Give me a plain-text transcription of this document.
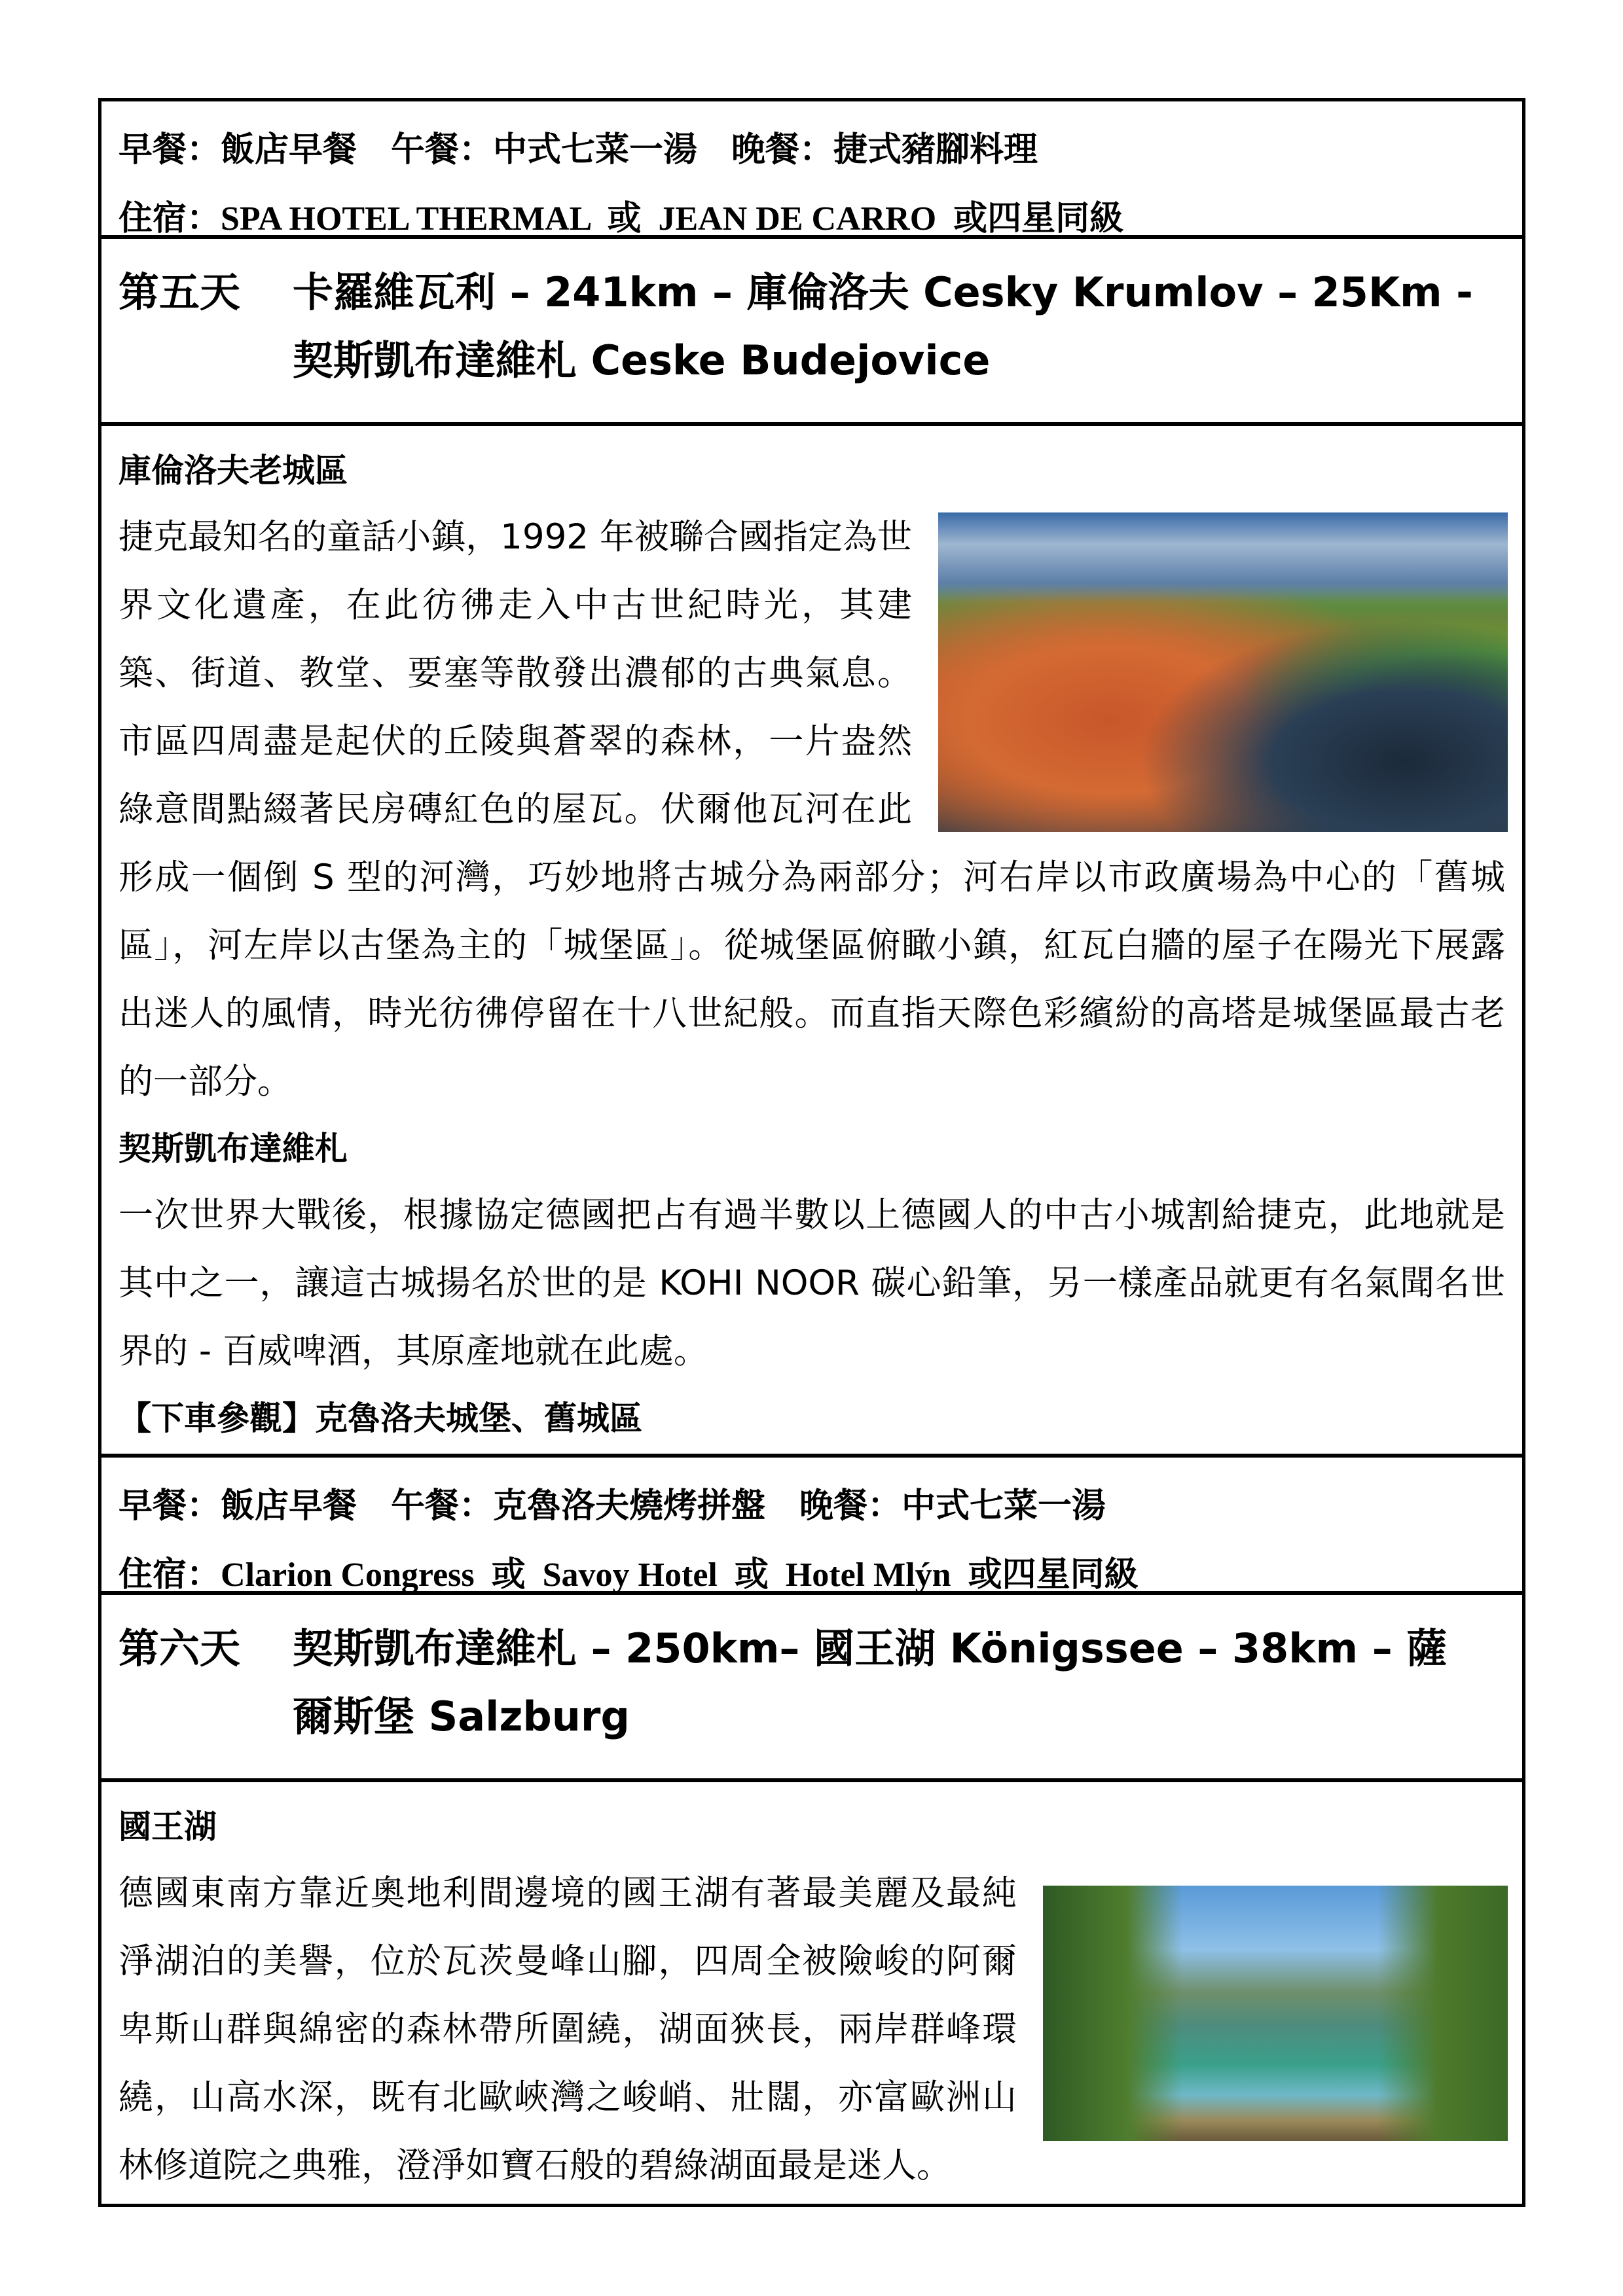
早餐：飯店早餐 午餐：中式七菜一湯 晚餐：捷式豬腳料理
住宿：SPA HOTEL THERMAL  或  JEAN DE CARRO  或四星同級
第五天	卡羅維瓦利 – 241km – 庫倫洛夫 Cesky Krumlov – 25Km -
契斯凱布達維札 Ceske Budejovice
庫倫洛夫老城區

捷克最知名的童話小鎮，1992 年被聯合國指定為世界文化遺產，在此彷彿走入中古世紀時光，其建築、街道、教堂、要塞等散發出濃郁的古典氣息。市區四周盡是起伏的丘陵與蒼翠的森林，一片盎然綠意間點綴著民房磚紅色的屋瓦。伏爾他瓦河在此形成一個倒 S 型的河灣，巧妙地將古城分為兩部分；河右岸以市政廣場為中心的「舊城區」，河左岸以古堡為主的「城堡區」。從城堡區俯瞰小鎮，紅瓦白牆的屋子在陽光下展露出迷人的風情，時光彷彿停留在十八世紀般。而直指天際色彩繽紛的高塔是城堡區最古老的一部分。

契斯凱布達維札

一次世界大戰後，根據協定德國把占有過半數以上德國人的中古小城割給捷克，此地就是其中之一，讓這古城揚名於世的是 KOHI NOOR 碳心鉛筆，另一樣產品就更有名氣聞名世界的 - 百威啤酒，其原產地就在此處。

【下車參觀】克魯洛夫城堡、舊城區
早餐：飯店早餐 午餐：克魯洛夫燒烤拼盤 晚餐：中式七菜一湯
住宿：Clarion Congress  或  Savoy Hotel  或  Hotel Mlýn  或四星同級
第六天	契斯凱布達維札 – 250km– 國王湖 Königssee – 38km – 薩
爾斯堡 Salzburg
國王湖

德國東南方靠近奧地利間邊境的國王湖有著最美麗及最純淨湖泊的美譽，位於瓦茨曼峰山腳，四周全被險峻的阿爾卑斯山群與綿密的森林帶所圍繞，湖面狹長，兩岸群峰環繞，山高水深，既有北歐峽灣之峻峭、壯闊，亦富歐洲山林修道院之典雅，澄淨如寶石般的碧綠湖面最是迷人。
